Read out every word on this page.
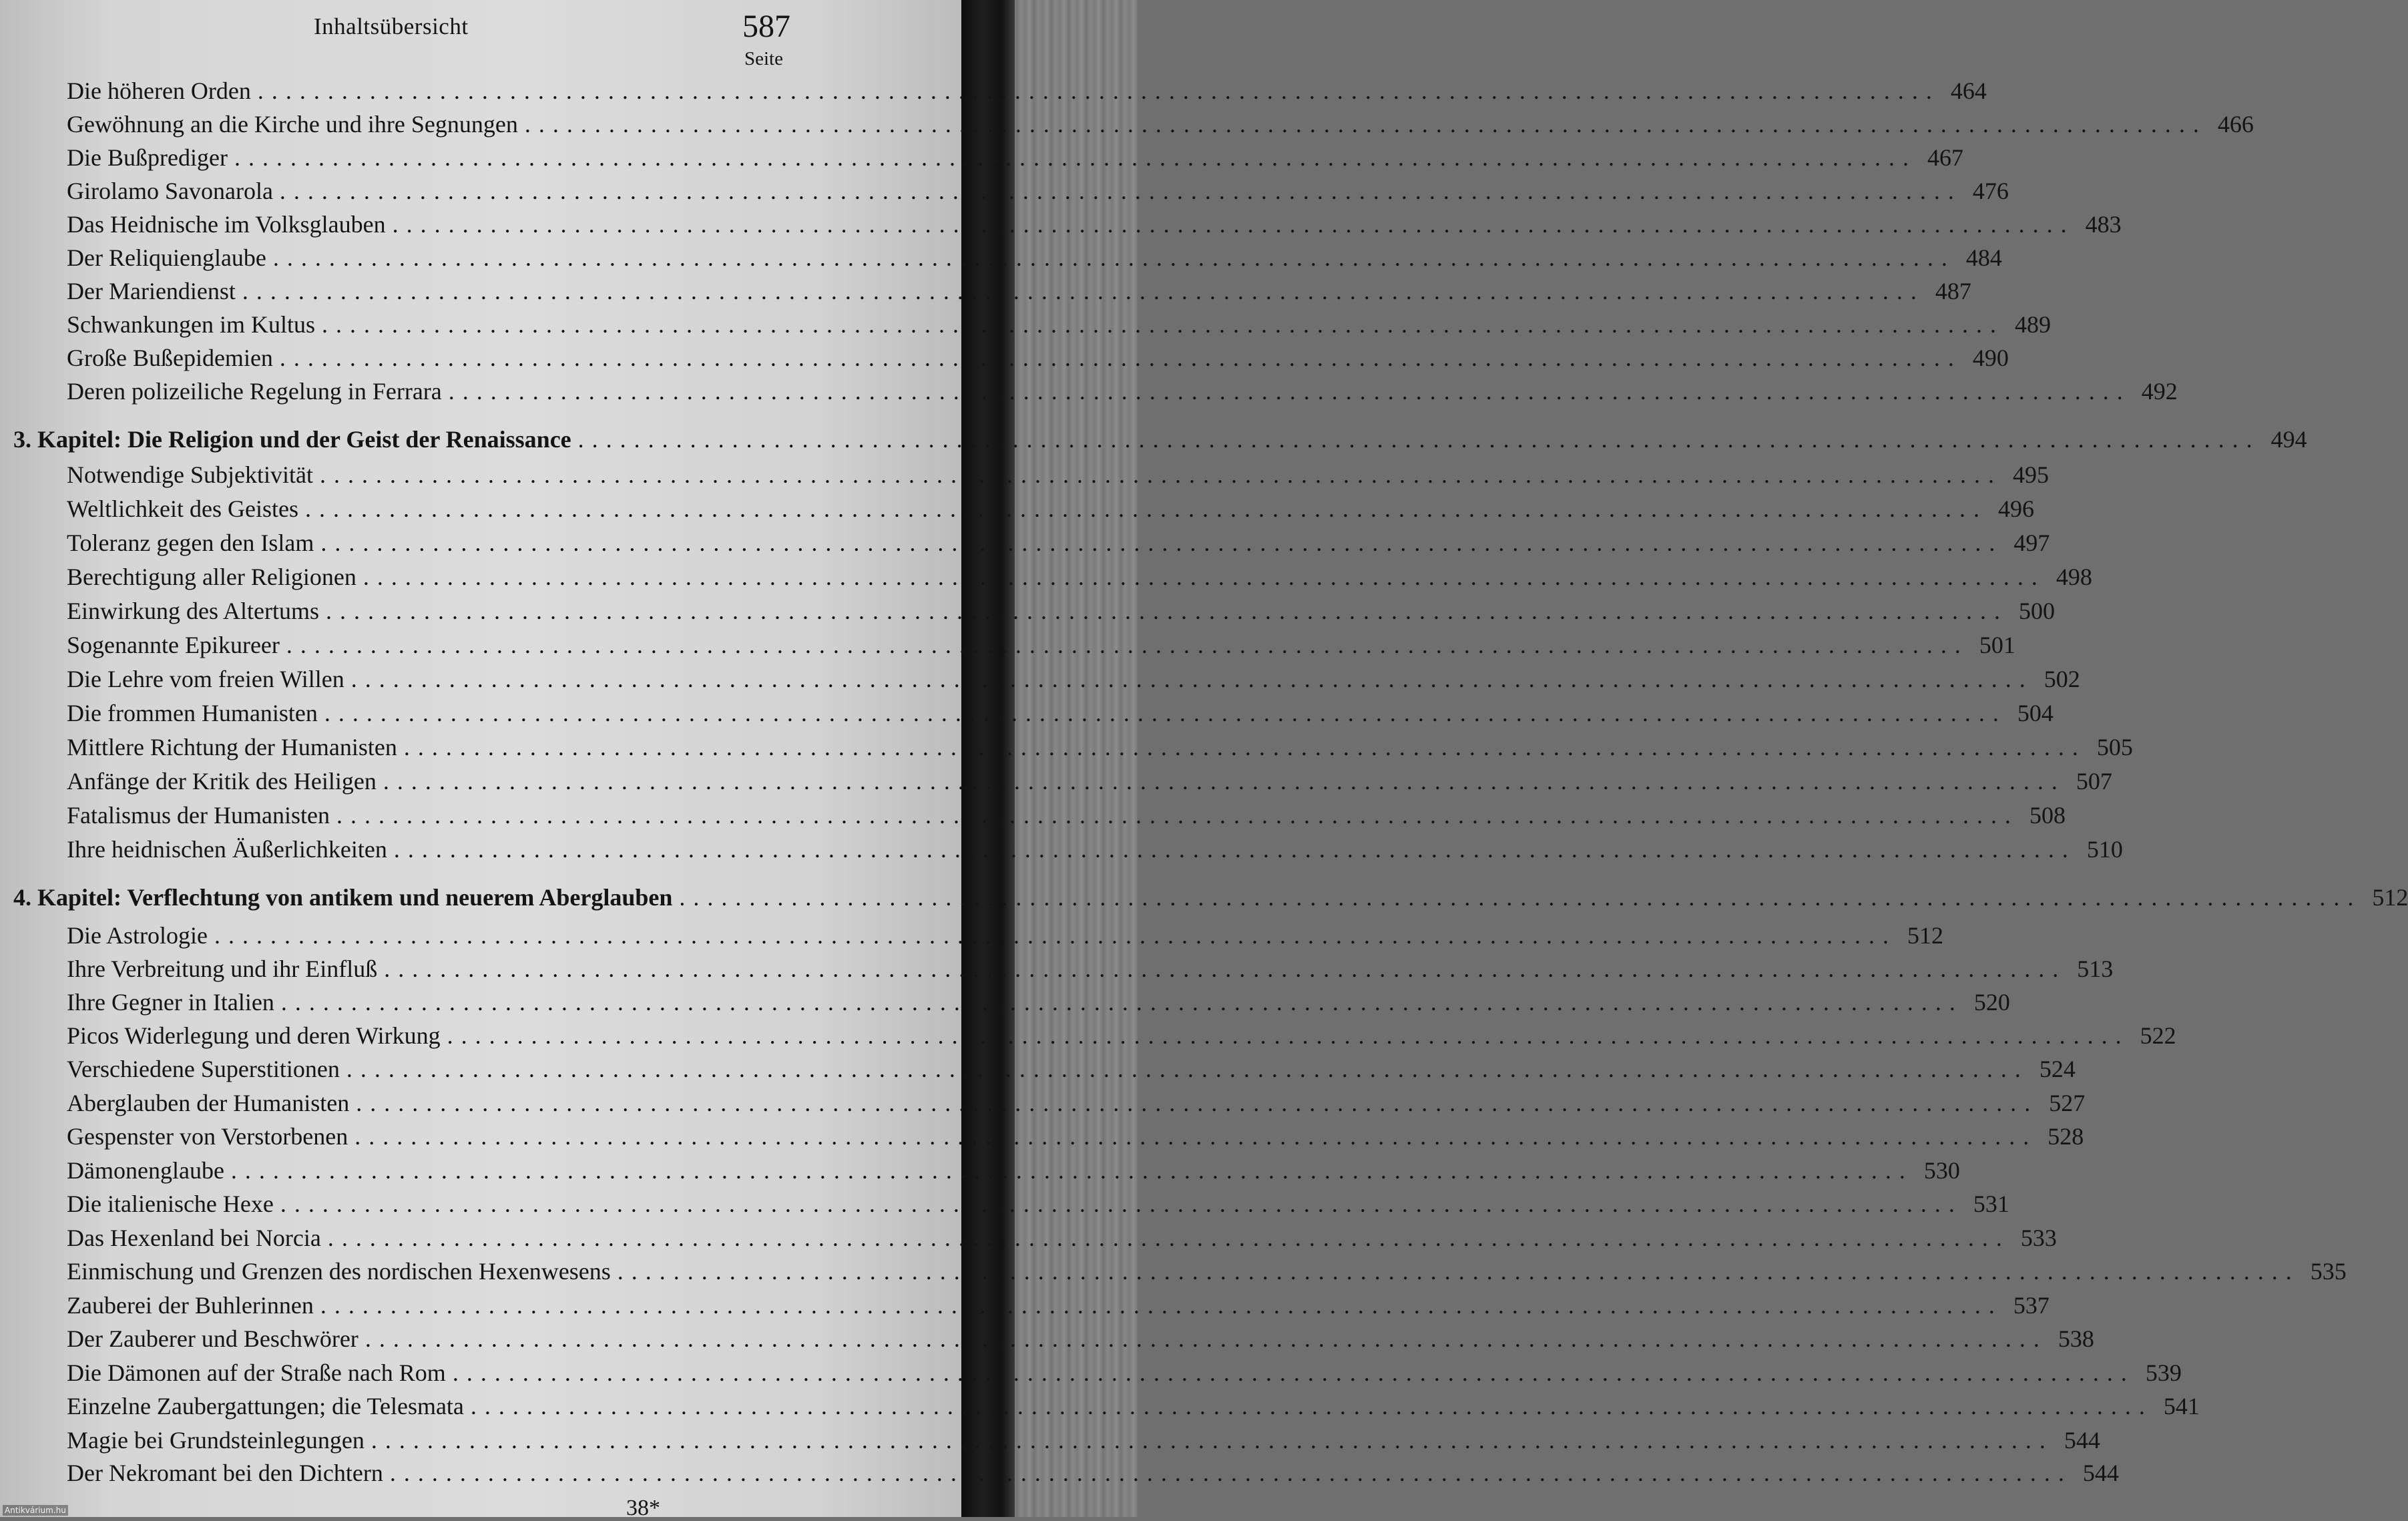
Inhaltsübersicht	587
Seite
Die höheren Orden ........................................................................................................................ 464
Gewöhnung an die Kirche und ihre Segnungen ........................................................................................................................ 466
Die Bußprediger ........................................................................................................................ 467
Girolamo Savonarola ........................................................................................................................ 476
Das Heidnische im Volksglauben ........................................................................................................................ 483
Der Reliquienglaube ........................................................................................................................ 484
Der Mariendienst ........................................................................................................................ 487
Schwankungen im Kultus ........................................................................................................................ 489
Große Bußepidemien ........................................................................................................................ 490
Deren polizeiliche Regelung in Ferrara ........................................................................................................................ 492
3. Kapitel: Die Religion und der Geist der Renaissance ........................................................................................................................ 494
Notwendige Subjektivität ........................................................................................................................ 495
Weltlichkeit des Geistes ........................................................................................................................ 496
Toleranz gegen den Islam ........................................................................................................................ 497
Berechtigung aller Religionen ........................................................................................................................ 498
Einwirkung des Altertums ........................................................................................................................ 500
Sogenannte Epikureer ........................................................................................................................ 501
Die Lehre vom freien Willen ........................................................................................................................ 502
Die frommen Humanisten ........................................................................................................................ 504
Mittlere Richtung der Humanisten ........................................................................................................................ 505
Anfänge der Kritik des Heiligen ........................................................................................................................ 507
Fatalismus der Humanisten ........................................................................................................................ 508
Ihre heidnischen Äußerlichkeiten ........................................................................................................................ 510
4. Kapitel: Verflechtung von antikem und neuerem Aberglauben ........................................................................................................................ 512
Die Astrologie ........................................................................................................................ 512
Ihre Verbreitung und ihr Einfluß ........................................................................................................................ 513
Ihre Gegner in Italien ........................................................................................................................ 520
Picos Widerlegung und deren Wirkung ........................................................................................................................ 522
Verschiedene Superstitionen ........................................................................................................................ 524
Aberglauben der Humanisten ........................................................................................................................ 527
Gespenster von Verstorbenen ........................................................................................................................ 528
Dämonenglaube ........................................................................................................................ 530
Die italienische Hexe ........................................................................................................................ 531
Das Hexenland bei Norcia ........................................................................................................................ 533
Einmischung und Grenzen des nordischen Hexenwesens ........................................................................................................................ 535
Zauberei der Buhlerinnen ........................................................................................................................ 537
Der Zauberer und Beschwörer ........................................................................................................................ 538
Die Dämonen auf der Straße nach Rom ........................................................................................................................ 539
Einzelne Zaubergattungen; die Telesmata ........................................................................................................................ 541
Magie bei Grundsteinlegungen ........................................................................................................................ 544
Der Nekromant bei den Dichtern ........................................................................................................................ 544
38*
Antikvárium.hu
